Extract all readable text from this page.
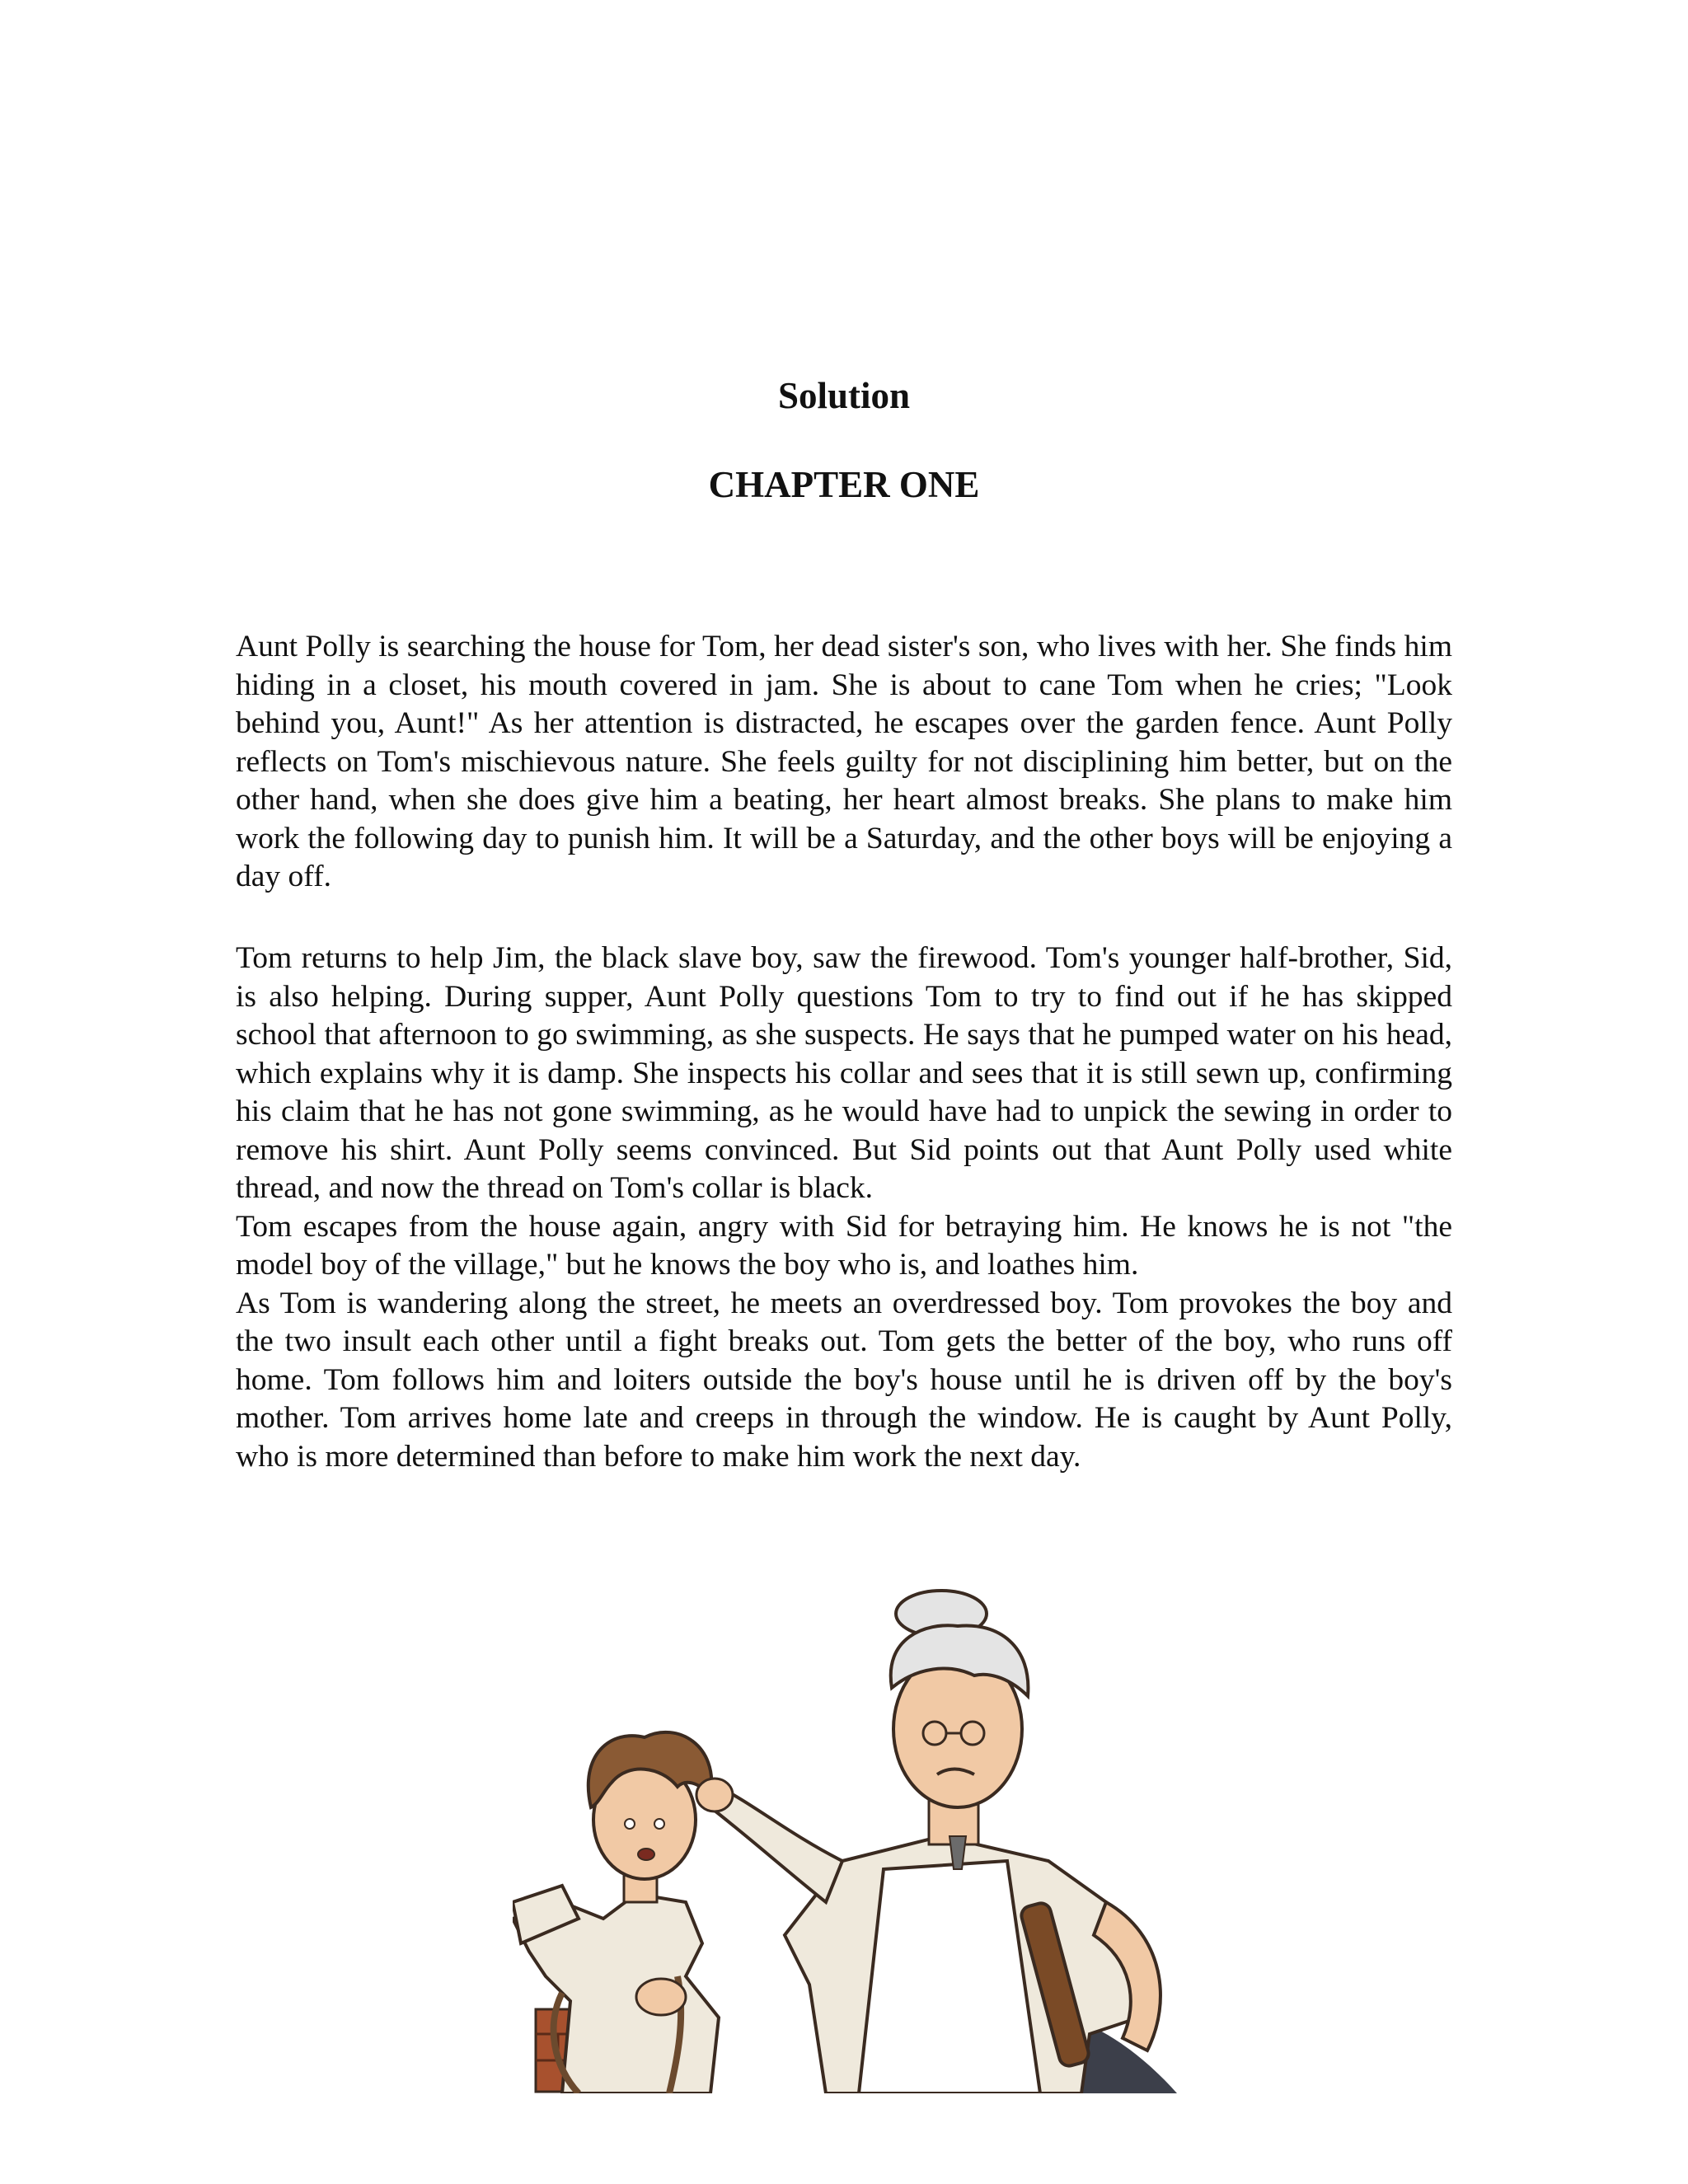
Solution
CHAPTER ONE

Aunt Polly is searching the house for Tom, her dead sister's son, who lives with her. She finds him hiding in a closet, his mouth covered in jam. She is about to cane Tom when he cries; "Look behind you, Aunt!" As her attention is distracted, he escapes over the garden fence. Aunt Polly reflects on Tom's mischievous nature. She feels guilty for not disciplining him better, but on the other hand, when she does give him a beating, her heart almost breaks. She plans to make him work the following day to punish him. It will be a Saturday, and the other boys will be enjoying a day off.

Tom returns to help Jim, the black slave boy, saw the firewood. Tom's younger half-brother, Sid, is also helping. During supper, Aunt Polly questions Tom to try to find out if he has skipped school that afternoon to go swimming, as she suspects. He says that he pumped water on his head, which explains why it is damp. She inspects his collar and sees that it is still sewn up, confirming his claim that he has not gone swimming, as he would have had to unpick the sewing in order to remove his shirt. Aunt Polly seems convinced. But Sid points out that Aunt Polly used white thread, and now the thread on Tom's collar is black.

Tom escapes from the house again, angry with Sid for betraying him. He knows he is not "the model boy of the village," but he knows the boy who is, and loathes him.

As Tom is wandering along the street, he meets an overdressed boy. Tom provokes the boy and the two insult each other until a fight breaks out. Tom gets the better of the boy, who runs off home. Tom follows him and loiters outside the boy's house until he is driven off by the boy's mother. Tom arrives home late and creeps in through the window. He is caught by Aunt Polly, who is more determined than before to make him work the next day.
